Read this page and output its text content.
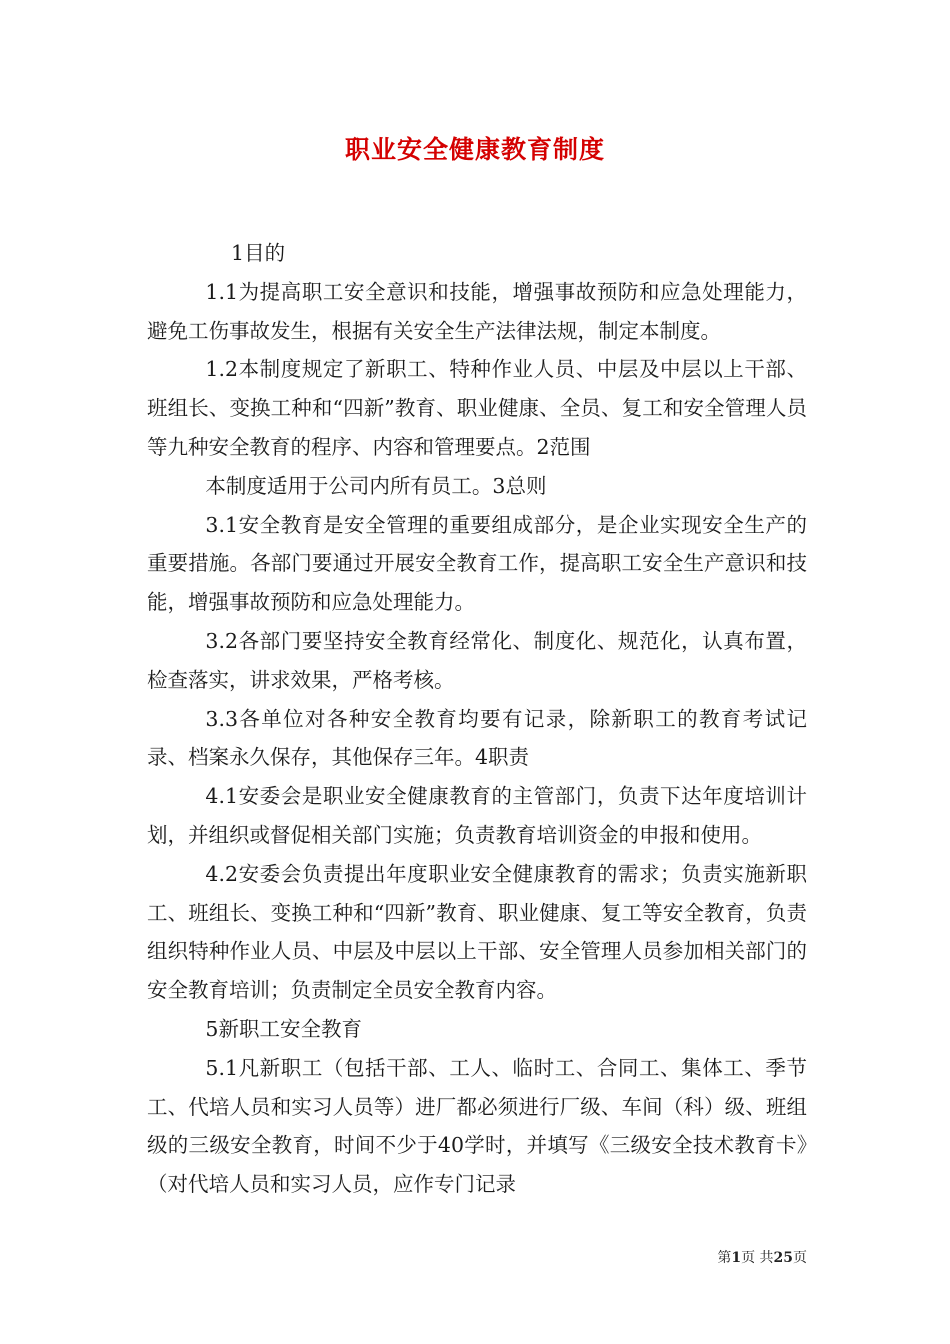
职业安全健康教育制度

1目的

1.1为提高职工安全意识和技能，增强事故预防和应急处理能力，避免工伤事故发生，根据有关安全生产法律法规，制定本制度。

1.2本制度规定了新职工、特种作业人员、中层及中层以上干部、班组长、变换工种和“四新”教育、职业健康、全员、复工和安全管理人员等九种安全教育的程序、内容和管理要点。2范围

本制度适用于公司内所有员工。3总则

3.1安全教育是安全管理的重要组成部分，是企业实现安全生产的重要措施。各部门要通过开展安全教育工作，提高职工安全生产意识和技能，增强事故预防和应急处理能力。

3.2各部门要坚持安全教育经常化、制度化、规范化，认真布置，检查落实，讲求效果，严格考核。

3.3各单位对各种安全教育均要有记录，除新职工的教育考试记录、档案永久保存，其他保存三年。4职责

4.1安委会是职业安全健康教育的主管部门，负责下达年度培训计划，并组织或督促相关部门实施；负责教育培训资金的申报和使用。

4.2安委会负责提出年度职业安全健康教育的需求；负责实施新职工、班组长、变换工种和“四新”教育、职业健康、复工等安全教育，负责组织特种作业人员、中层及中层以上干部、安全管理人员参加相关部门的安全教育培训；负责制定全员安全教育内容。

5新职工安全教育

5.1凡新职工（包括干部、工人、临时工、合同工、集体工、季节工、代培人员和实习人员等）进厂都必须进行厂级、车间（科）级、班组级的三级安全教育，时间不少于40学时，并填写《三级安全技术教育卡》（对代培人员和实习人员，应作专门记录

第1页 共25页
